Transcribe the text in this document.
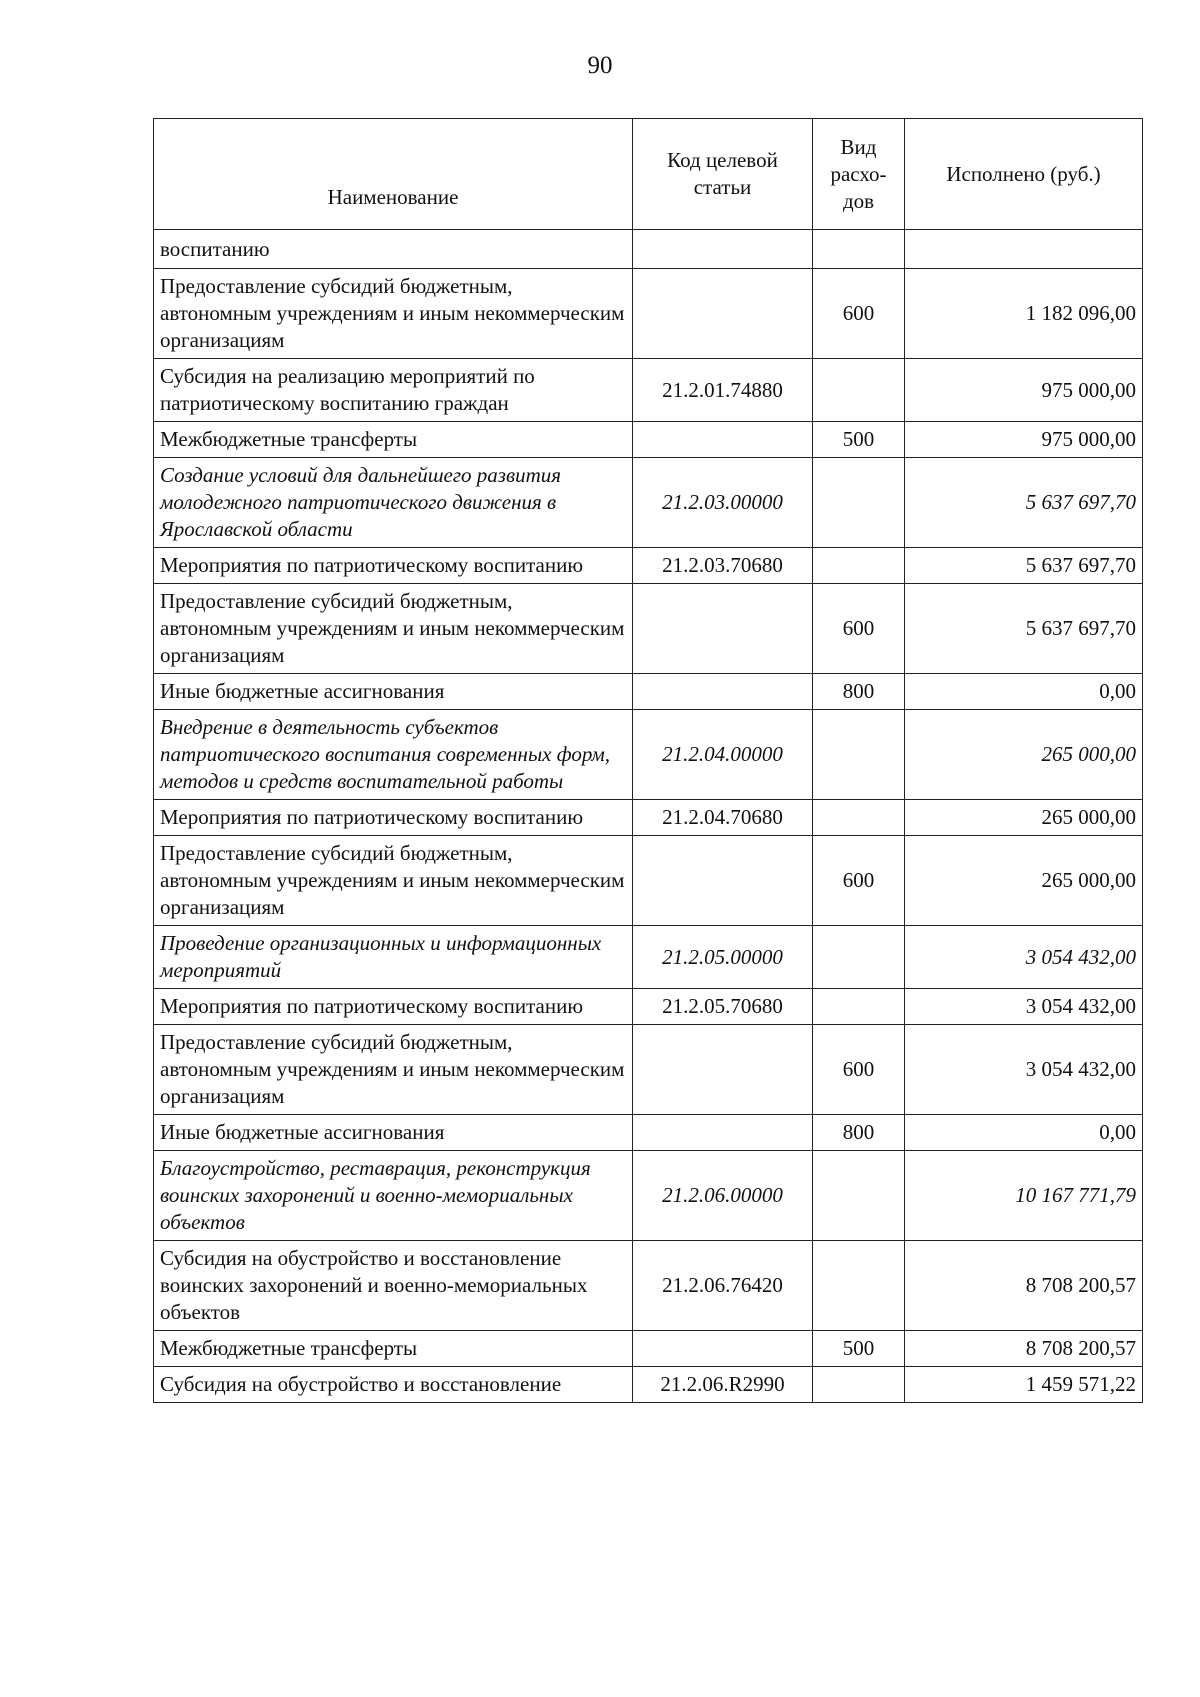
90
Наименование	Код целевой статьи	Вид расхо-дов	Исполнено (руб.)
воспитанию			
Предоставление субсидий бюджетным, автономным учреждениям и иным некоммерческим организациям		600	1 182 096,00
Субсидия на реализацию мероприятий по патриотическому воспитанию граждан	21.2.01.74880		975 000,00
Межбюджетные трансферты		500	975 000,00
Создание условий для дальнейшего развития молодежного патриотического движения в Ярославской области	21.2.03.00000		5 637 697,70
Мероприятия по патриотическому воспитанию	21.2.03.70680		5 637 697,70
Предоставление субсидий бюджетным, автономным учреждениям и иным некоммерческим организациям		600	5 637 697,70
Иные бюджетные ассигнования		800	0,00
Внедрение в деятельность субъектов патриотического воспитания современных форм, методов и средств воспитательной работы	21.2.04.00000		265 000,00
Мероприятия по патриотическому воспитанию	21.2.04.70680		265 000,00
Предоставление субсидий бюджетным, автономным учреждениям и иным некоммерческим организациям		600	265 000,00
Проведение организационных и информационных мероприятий	21.2.05.00000		3 054 432,00
Мероприятия по патриотическому воспитанию	21.2.05.70680		3 054 432,00
Предоставление субсидий бюджетным, автономным учреждениям и иным некоммерческим организациям		600	3 054 432,00
Иные бюджетные ассигнования		800	0,00
Благоустройство, реставрация, реконструкция воинских захоронений и военно-мемориальных объектов	21.2.06.00000		10 167 771,79
Субсидия на обустройство и восстановление воинских захоронений и военно-мемориальных объектов	21.2.06.76420		8 708 200,57
Межбюджетные трансферты		500	8 708 200,57
Субсидия на обустройство и восстановление	21.2.06.R2990		1 459 571,22
